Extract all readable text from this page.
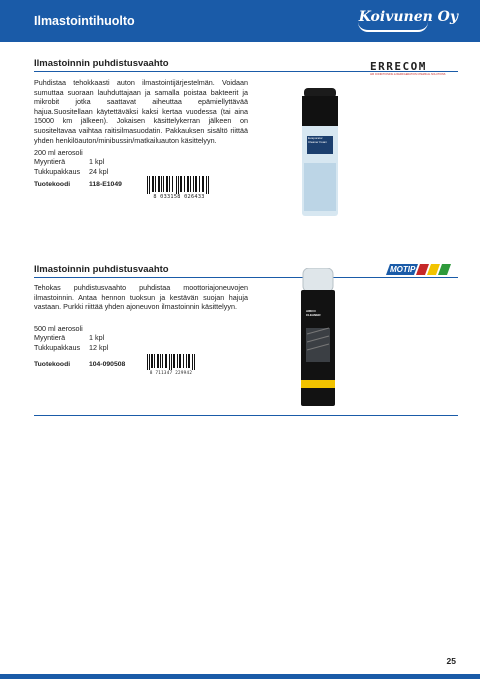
Ilmastointihuolto	Koivunen Oy
Ilmastoinnin puhdistusvaahto	ERRECOM
AIR CONDITIONING & REFRIGERATION CHEMICAL SOLUTIONS
Puhdistaa tehokkaasti auton ilmastointijärjestelmän. Voidaan sumuttaa suoraan lauhduttajaan ja samalla poistaa bakteerit ja mikrobit jotka saattavat aiheuttaa epämiellyttävää hajua.Suositellaan käytettäväksi kaksi kertaa vuodessa (tai aina 15000 km jälkeen). Jokaisen käsittelykerran jälkeen on suositeltavaa vaihtaa raitisilmasuodatin. Pakkauksen sisältö riittää yhden henkilöauton/minibussin/matkailuauton käsittelyyn.
200 ml aerosoli
Myyntierä	1 kpl
Tukkupakkaus	24 kpl
Tuotekoodi	118-E1049
8 033158 026433
Evaporator Cleaner Foam
Ilmastoinnin puhdistusvaahto	MOTIP
Tehokas puhdistusvaahto puhdistaa moottoriajoneuvojen ilmastoinnin. Antaa hennon tuoksun ja kestävän suojan hajuja vastaan. Purkki riittää yhden ajoneuvon ilmastoinnin käsittelyyn.
500 ml aerosoli
Myyntierä	1 kpl
Tukkupakkaus	12 kpl
Tuotekoodi	104-090508
8 711347 229942
AIRCO CLEANER
25
